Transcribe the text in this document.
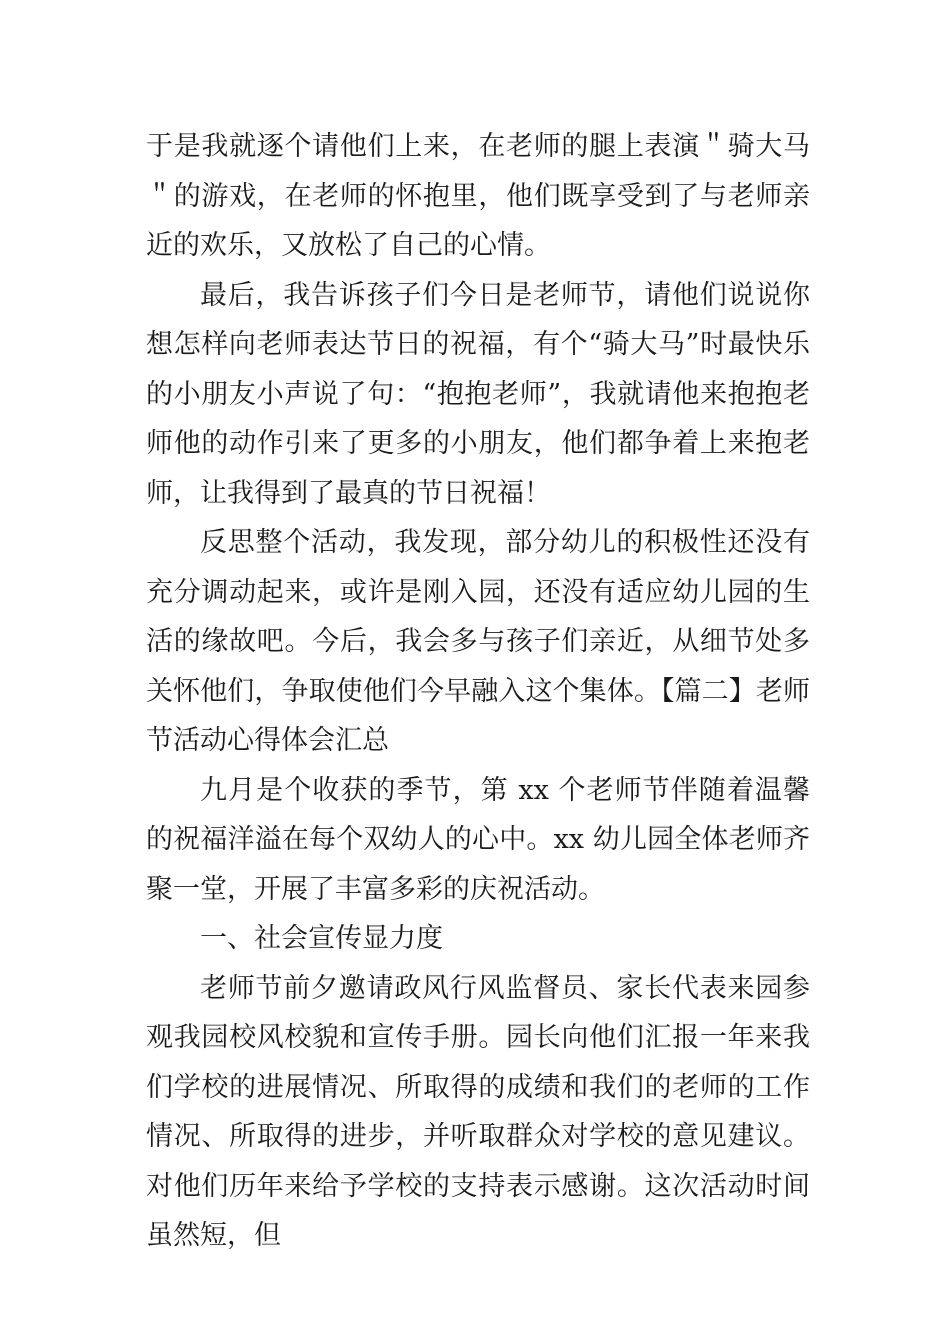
于是我就逐个请他们上来，在老师的腿上表演＂骑大马＂的游戏，在老师的怀抱里，他们既享受到了与老师亲近的欢乐，又放松了自己的心情。

最后，我告诉孩子们今日是老师节，请他们说说你想怎样向老师表达节日的祝福，有个“骑大马”时最快乐的小朋友小声说了句：“抱抱老师”，我就请他来抱抱老师他的动作引来了更多的小朋友，他们都争着上来抱老师，让我得到了最真的节日祝福！

反思整个活动，我发现，部分幼儿的积极性还没有充分调动起来，或许是刚入园，还没有适应幼儿园的生活的缘故吧。今后，我会多与孩子们亲近，从细节处多关怀他们，争取使他们今早融入这个集体。【篇二】老师节活动心得体会汇总

九月是个收获的季节，第 xx 个老师节伴随着温馨的祝福洋溢在每个双幼人的心中。xx 幼儿园全体老师齐聚一堂，开展了丰富多彩的庆祝活动。

一、社会宣传显力度

老师节前夕邀请政风行风监督员、家长代表来园参观我园校风校貌和宣传手册。园长向他们汇报一年来我们学校的进展情况、所取得的成绩和我们的老师的工作情况、所取得的进步，并听取群众对学校的意见建议。对他们历年来给予学校的支持表示感谢。这次活动时间虽然短，但
